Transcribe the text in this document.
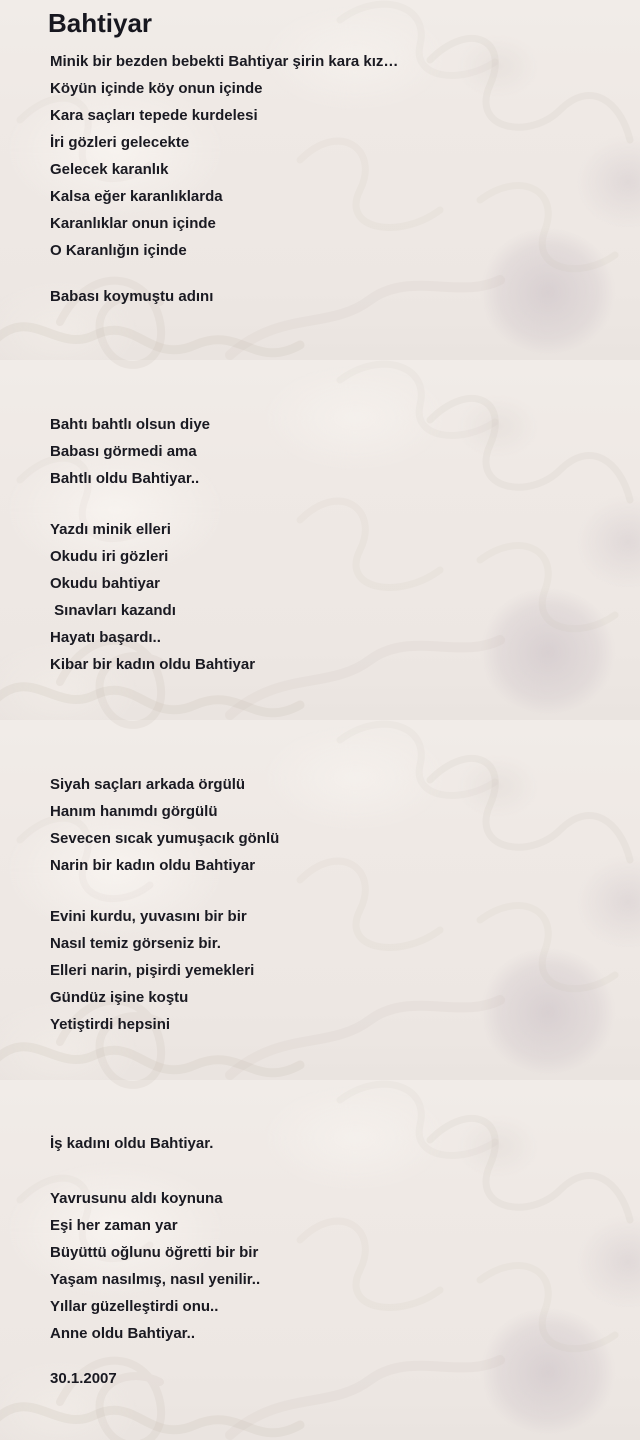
Bahtiyar
Minik bir bezden bebekti Bahtiyar şirin kara kız…
Köyün içinde köy onun içinde
Kara saçları tepede kurdelesi
İri gözleri gelecekte
Gelecek karanlık
Kalsa eğer karanlıklarda
Karanlıklar onun içinde
O Karanlığın içinde
Babası koymuştu adını
Bahtı bahtlı olsun diye
Babası görmedi ama
Bahtlı oldu Bahtiyar..
Yazdı minik elleri
Okudu iri gözleri
Okudu bahtiyar
Sınavları kazandı
Hayatı başardı..
Kibar bir kadın oldu Bahtiyar
Siyah saçları arkada örgülü
Hanım hanımdı görgülü
Sevecen sıcak yumuşacık gönlü
Narin bir kadın oldu Bahtiyar
Evini kurdu, yuvasını bir bir
Nasıl temiz görseniz bir.
Elleri narin, pişirdi yemekleri
Gündüz işine koştu
Yetiştirdi hepsini
İş kadını oldu Bahtiyar.
Yavrusunu aldı koynuna
Eşi her zaman yar
Büyüttü oğlunu öğretti bir bir
Yaşam nasılmış, nasıl yenilir..
Yıllar güzelleştirdi onu..
Anne oldu Bahtiyar..
30.1.2007
